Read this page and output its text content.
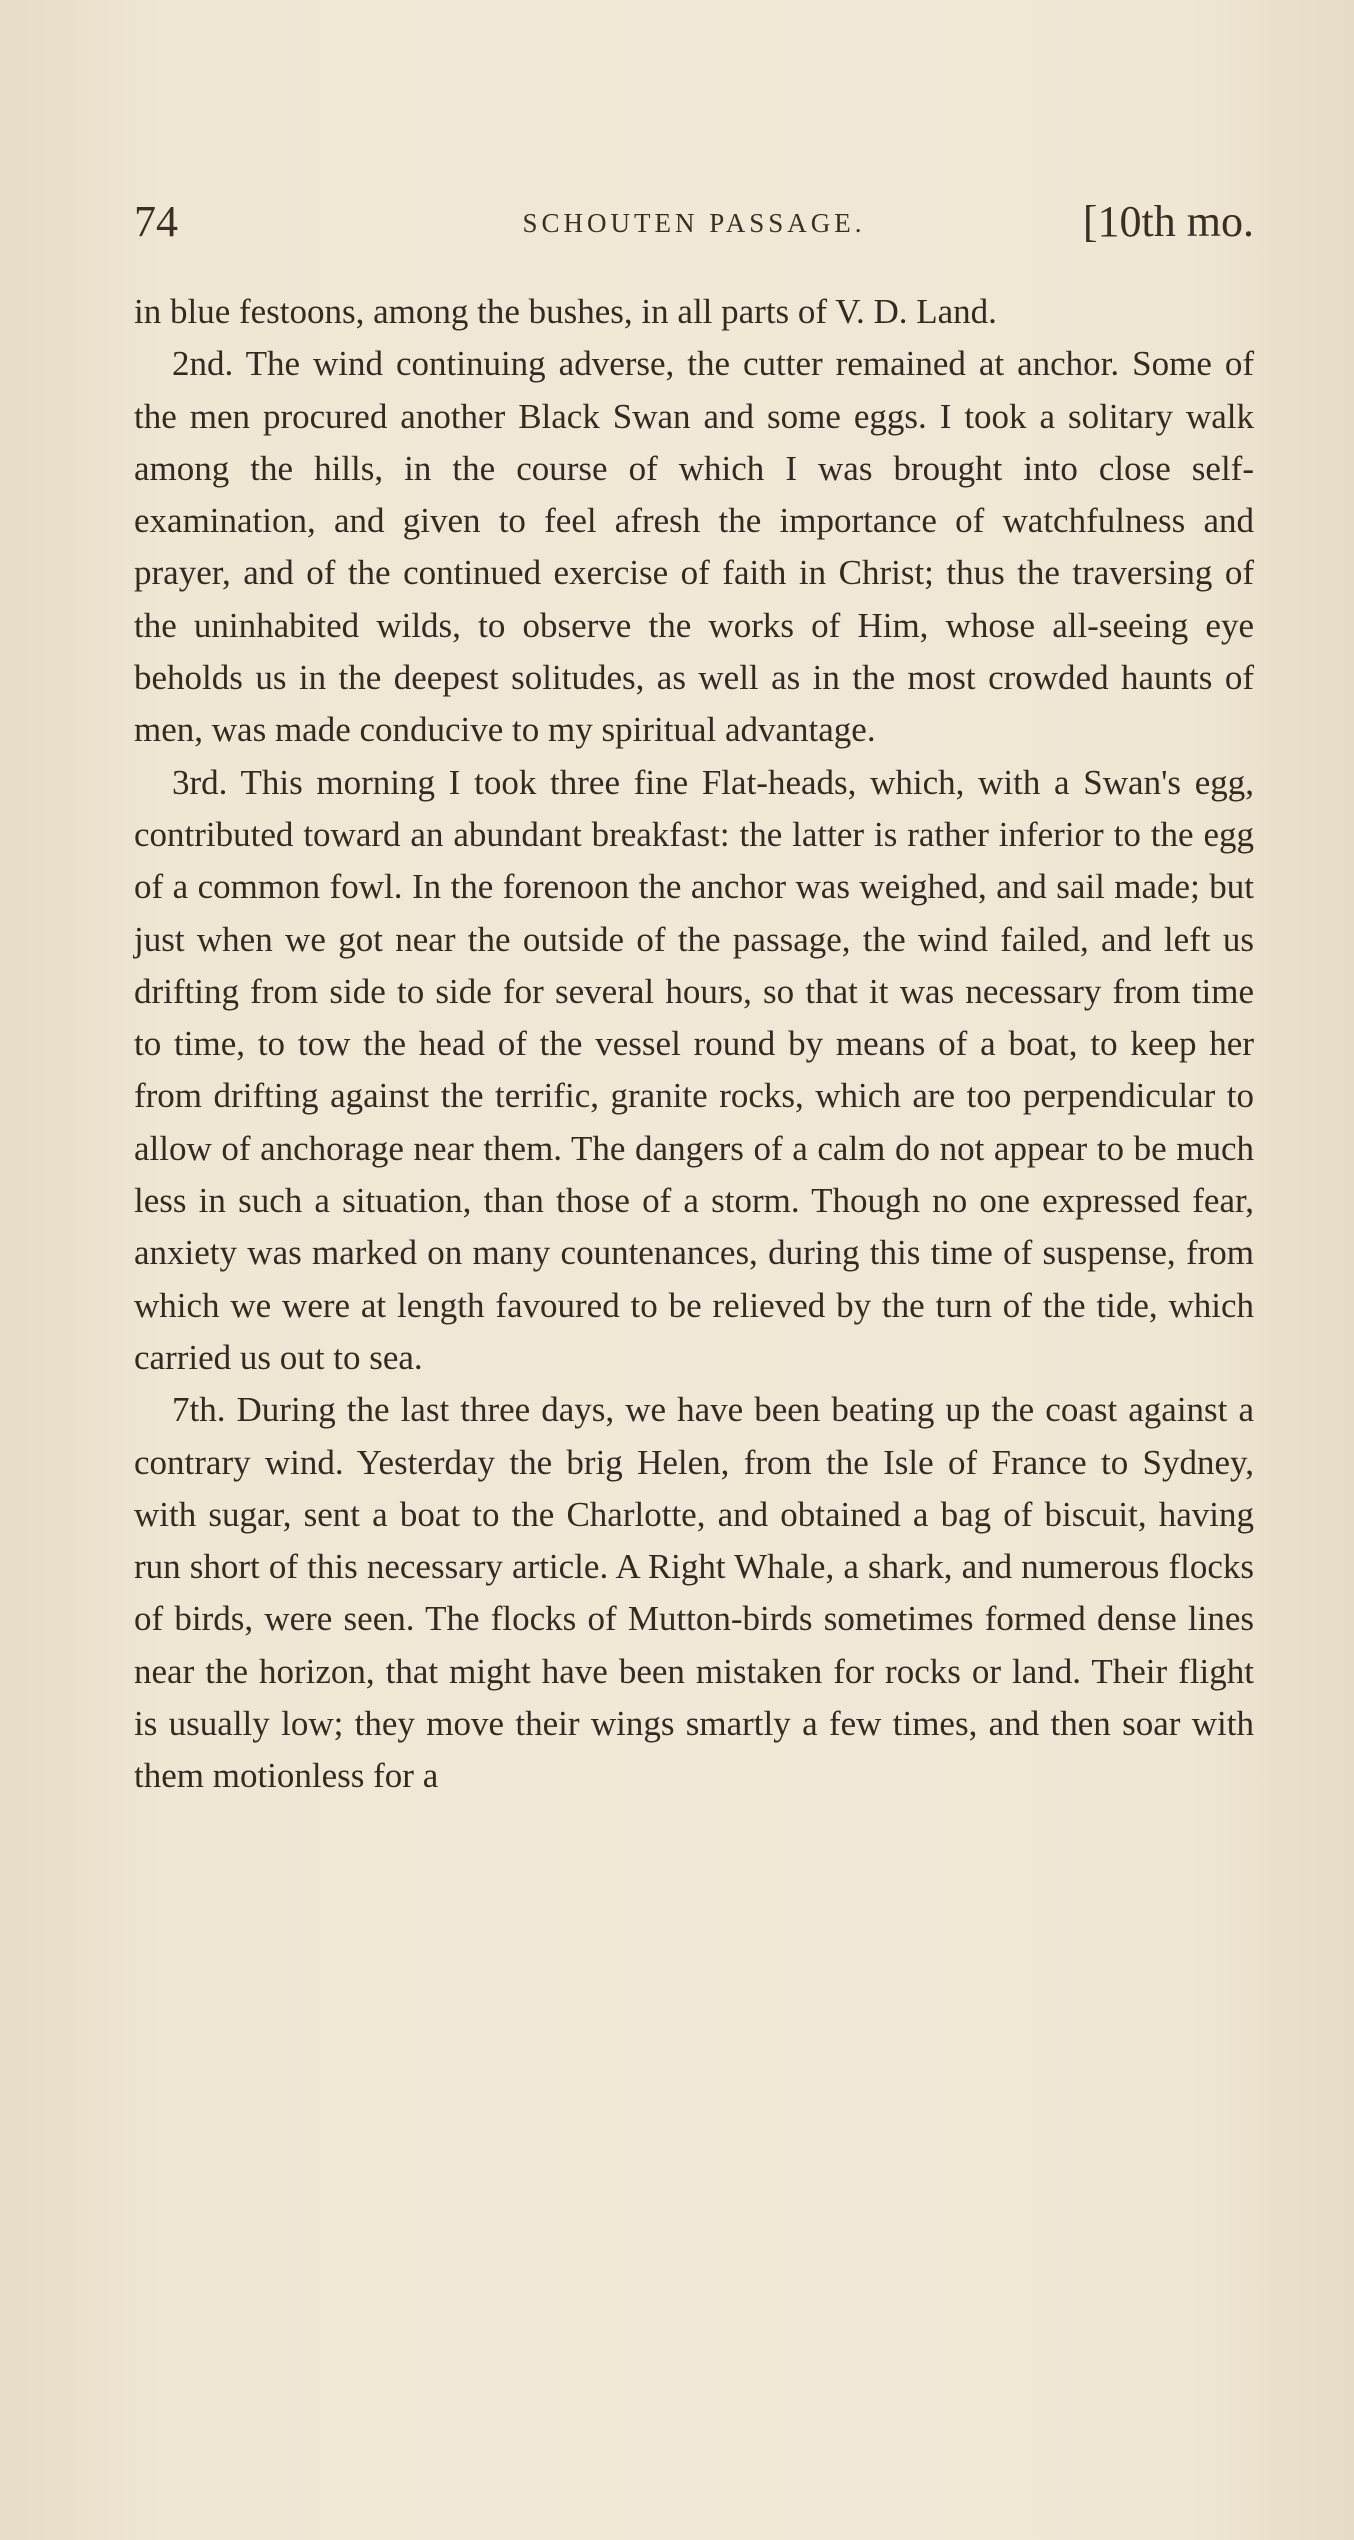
74	SCHOUTEN PASSAGE.	[10th mo.

in blue festoons, among the bushes, in all parts of V. D. Land.

2nd. The wind continuing adverse, the cutter remained at anchor. Some of the men procured another Black Swan and some eggs. I took a solitary walk among the hills, in the course of which I was brought into close self-examination, and given to feel afresh the importance of watchfulness and prayer, and of the continued exercise of faith in Christ; thus the traversing of the uninhabited wilds, to observe the works of Him, whose all-seeing eye beholds us in the deepest solitudes, as well as in the most crowded haunts of men, was made conducive to my spiritual advantage.

3rd. This morning I took three fine Flat-heads, which, with a Swan's egg, contributed toward an abundant breakfast: the latter is rather inferior to the egg of a common fowl. In the forenoon the anchor was weighed, and sail made; but just when we got near the outside of the passage, the wind failed, and left us drifting from side to side for several hours, so that it was necessary from time to time, to tow the head of the vessel round by means of a boat, to keep her from drifting against the terrific, granite rocks, which are too perpendicular to allow of anchorage near them. The dangers of a calm do not appear to be much less in such a situation, than those of a storm. Though no one expressed fear, anxiety was marked on many countenances, during this time of suspense, from which we were at length favoured to be relieved by the turn of the tide, which carried us out to sea.

7th. During the last three days, we have been beating up the coast against a contrary wind. Yesterday the brig Helen, from the Isle of France to Sydney, with sugar, sent a boat to the Charlotte, and obtained a bag of biscuit, having run short of this necessary article. A Right Whale, a shark, and numerous flocks of birds, were seen. The flocks of Mutton-birds sometimes formed dense lines near the horizon, that might have been mistaken for rocks or land. Their flight is usually low; they move their wings smartly a few times, and then soar with them motionless for a
